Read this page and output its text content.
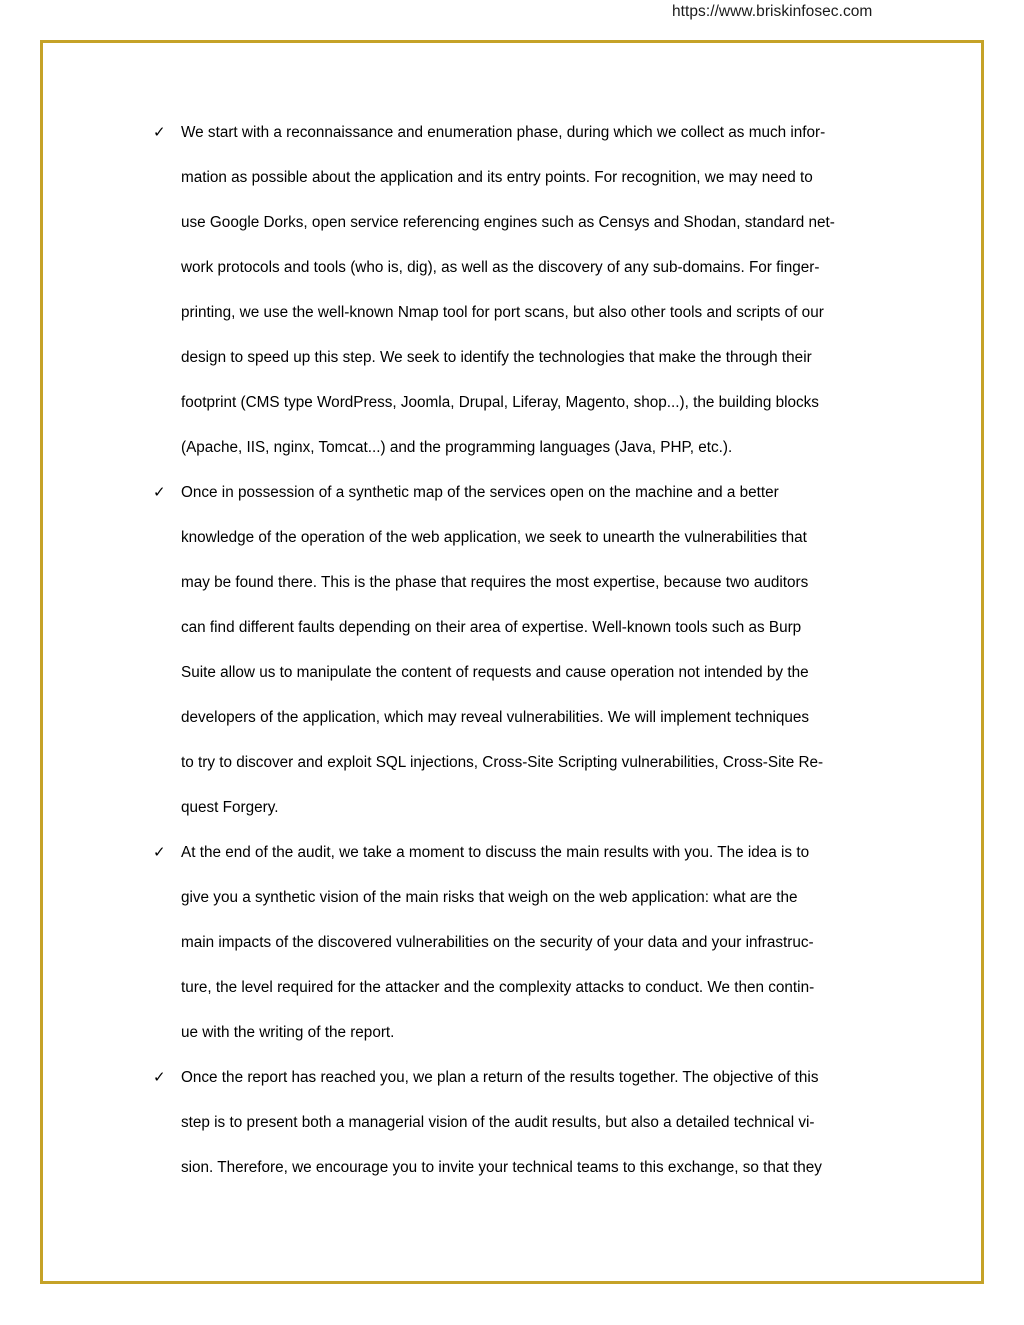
https://www.briskinfosec.com
✓ We start with a reconnaissance and enumeration phase, during which we collect as much infor-
mation as possible about the application and its entry points. For recognition, we may need to
use Google Dorks, open service referencing engines such as Censys and Shodan, standard net-
work protocols and tools (who is, dig), as well as the discovery of any sub-domains. For finger-
printing, we use the well-known Nmap tool for port scans, but also other tools and scripts of our
design to speed up this step. We seek to identify the technologies that make the through their
footprint (CMS type WordPress, Joomla, Drupal, Liferay, Magento, shop...), the building blocks
(Apache, IIS, nginx, Tomcat...) and the programming languages (Java, PHP, etc.).
✓ Once in possession of a synthetic map of the services open on the machine and a better
knowledge of the operation of the web application, we seek to unearth the vulnerabilities that
may be found there. This is the phase that requires the most expertise, because two auditors
can find different faults depending on their area of expertise. Well-known tools such as Burp
Suite allow us to manipulate the content of requests and cause operation not intended by the
developers of the application, which may reveal vulnerabilities. We will implement techniques
to try to discover and exploit SQL injections, Cross-Site Scripting vulnerabilities, Cross-Site Re-
quest Forgery.
✓ At the end of the audit, we take a moment to discuss the main results with you. The idea is to
give you a synthetic vision of the main risks that weigh on the web application: what are the
main impacts of the discovered vulnerabilities on the security of your data and your infrastruc-
ture, the level required for the attacker and the complexity attacks to conduct. We then contin-
ue with the writing of the report.
✓ Once the report has reached you, we plan a return of the results together. The objective of this
step is to present both a managerial vision of the audit results, but also a detailed technical vi-
sion. Therefore, we encourage you to invite your technical teams to this exchange, so that they
